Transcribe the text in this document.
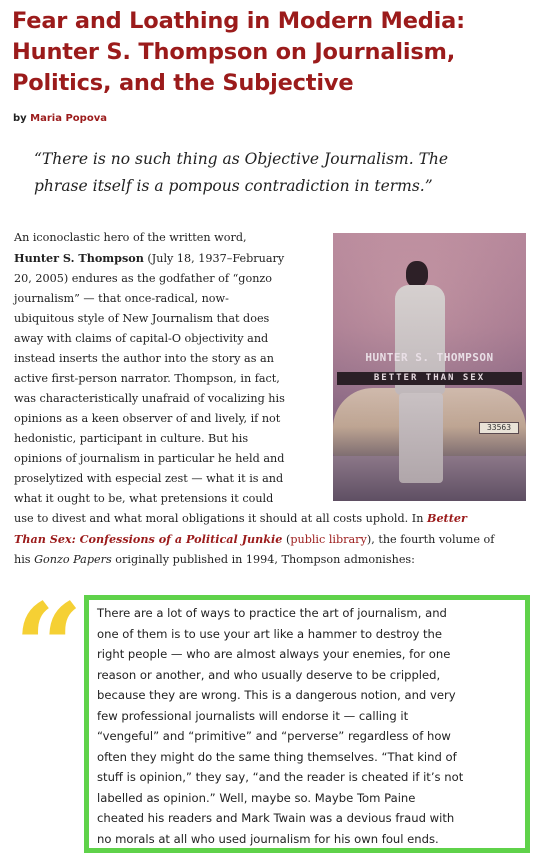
Fear and Loathing in Modern Media: Hunter S. Thompson on Journalism, Politics, and the Subjective
by Maria Popova

“There is no such thing as Objective Journalism. The phrase itself is a pompous contradiction in terms.”

An iconoclastic hero of the written word,
Hunter S. Thompson (July 18, 1937–February
20, 2005) endures as the godfather of “gonzo
journalism” — that once-radical, now-
ubiquitous style of New Journalism that does
away with claims of capital-O objectivity and
instead inserts the author into the story as an
active first-person narrator. Thompson, in fact,
was characteristically unafraid of vocalizing his
opinions as a keen observer of and lively, if not
hedonistic, participant in culture. But his
opinions of journalism in particular he held and
proselytized with especial zest — what it is and
what it ought to be, what pretensions it could
HUNTER S. THOMPSON
BETTER THAN SEX
33563
use to divest and what moral obligations it should at all costs uphold. In Better
Than Sex: Confessions of a Political Junkie (public library), the fourth volume of
his Gonzo Papers originally published in 1994, Thompson admonishes:
“ There are a lot of ways to practice the art of journalism, and
one of them is to use your art like a hammer to destroy the
right people — who are almost always your enemies, for one
reason or another, and who usually deserve to be crippled,
because they are wrong. This is a dangerous notion, and very
few professional journalists will endorse it — calling it
“vengeful” and “primitive” and “perverse” regardless of how
often they might do the same thing themselves. “That kind of
stuff is opinion,” they say, “and the reader is cheated if it’s not
labelled as opinion.” Well, maybe so. Maybe Tom Paine
cheated his readers and Mark Twain was a devious fraud with
no morals at all who used journalism for his own foul ends.
